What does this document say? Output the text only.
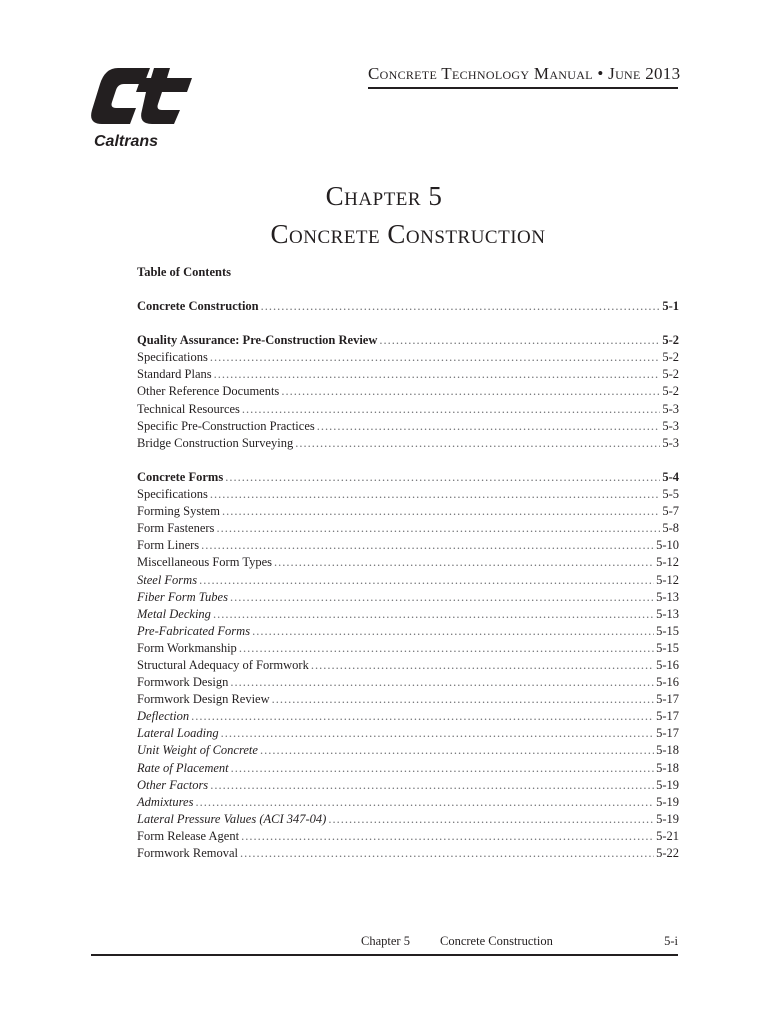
Caltrans
Concrete Technology Manual • June 2013
Chapter 5
Concrete Construction
Table of Contents
Concrete Construction .....	5-1
Quality Assurance: Pre-Construction Review .....	5-2
Specifications .....	5-2
Standard Plans .....	5-2
Other Reference Documents .....	5-2
Technical Resources .....	5-3
Specific Pre-Construction Practices .....	5-3
Bridge Construction Surveying .....	5-3
Concrete Forms .....	5-4
Specifications .....	5-5
Forming System .....	5-7
Form Fasteners .....	5-8
Form Liners .....	5-10
Miscellaneous Form Types .....	5-12
Steel Forms .....	5-12
Fiber Form Tubes .....	5-13
Metal Decking .....	5-13
Pre-Fabricated Forms .....	5-15
Form Workmanship .....	5-15
Structural Adequacy of Formwork .....	5-16
Formwork Design .....	5-16
Formwork Design Review .....	5-17
Deflection .....	5-17
Lateral Loading .....	5-17
Unit Weight of Concrete .....	5-18
Rate of Placement .....	5-18
Other Factors .....	5-19
Admixtures .....	5-19
Lateral Pressure Values (ACI 347-04) .....	5-19
Form Release Agent .....	5-21
Formwork Removal .....	5-22
Chapter 5 Concrete Construction	5-i
